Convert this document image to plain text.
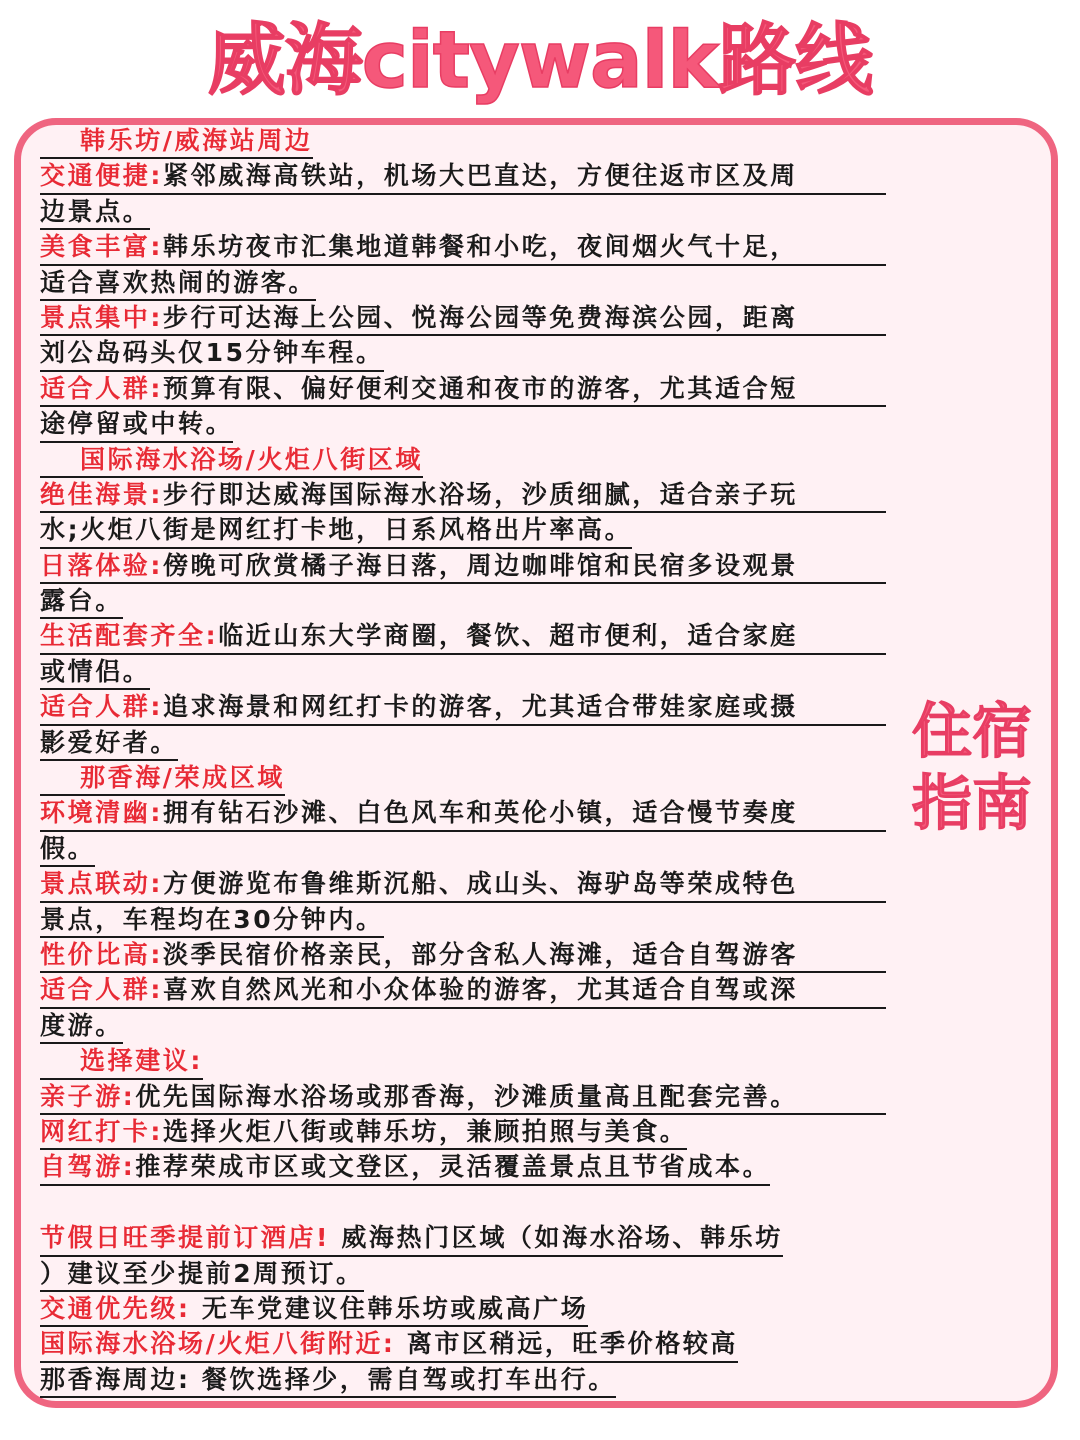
威海citywalk路线
韩乐坊/威海站周边
交通便捷:紧邻威海高铁站，机场大巴直达，方便往返市区及周
边景点。
美食丰富:韩乐坊夜市汇集地道韩餐和小吃，夜间烟火气十足，
适合喜欢热闹的游客。
景点集中:步行可达海上公园、悦海公园等免费海滨公园，距离
刘公岛码头仅15分钟车程。
适合人群:预算有限、偏好便利交通和夜市的游客，尤其适合短
途停留或中转。
国际海水浴场/火炬八街区域
绝佳海景:步行即达威海国际海水浴场，沙质细腻，适合亲子玩
水;火炬八街是网红打卡地，日系风格出片率高。
日落体验:傍晚可欣赏橘子海日落，周边咖啡馆和民宿多设观景
露台。
生活配套齐全:临近山东大学商圈，餐饮、超市便利，适合家庭
或情侣。
适合人群:追求海景和网红打卡的游客，尤其适合带娃家庭或摄
影爱好者。
那香海/荣成区域
环境清幽:拥有钻石沙滩、白色风车和英伦小镇，适合慢节奏度
假。
景点联动:方便游览布鲁维斯沉船、成山头、海驴岛等荣成特色
景点，车程均在30分钟内。
性价比高:淡季民宿价格亲民，部分含私人海滩，适合自驾游客
适合人群:喜欢自然风光和小众体验的游客，尤其适合自驾或深
度游。
选择建议:
亲子游:优先国际海水浴场或那香海，沙滩质量高且配套完善。
网红打卡:选择火炬八街或韩乐坊，兼顾拍照与美食。
自驾游:推荐荣成市区或文登区，灵活覆盖景点且节省成本。
节假日旺季提前订酒店! 威海热门区域（如海水浴场、韩乐坊
）建议至少提前2周预订。
交通优先级: 无车党建议住韩乐坊或威高广场
国际海水浴场/火炬八街附近: 离市区稍远，旺季价格较高
那香海周边: 餐饮选择少，需自驾或打车出行。
住宿
指南
